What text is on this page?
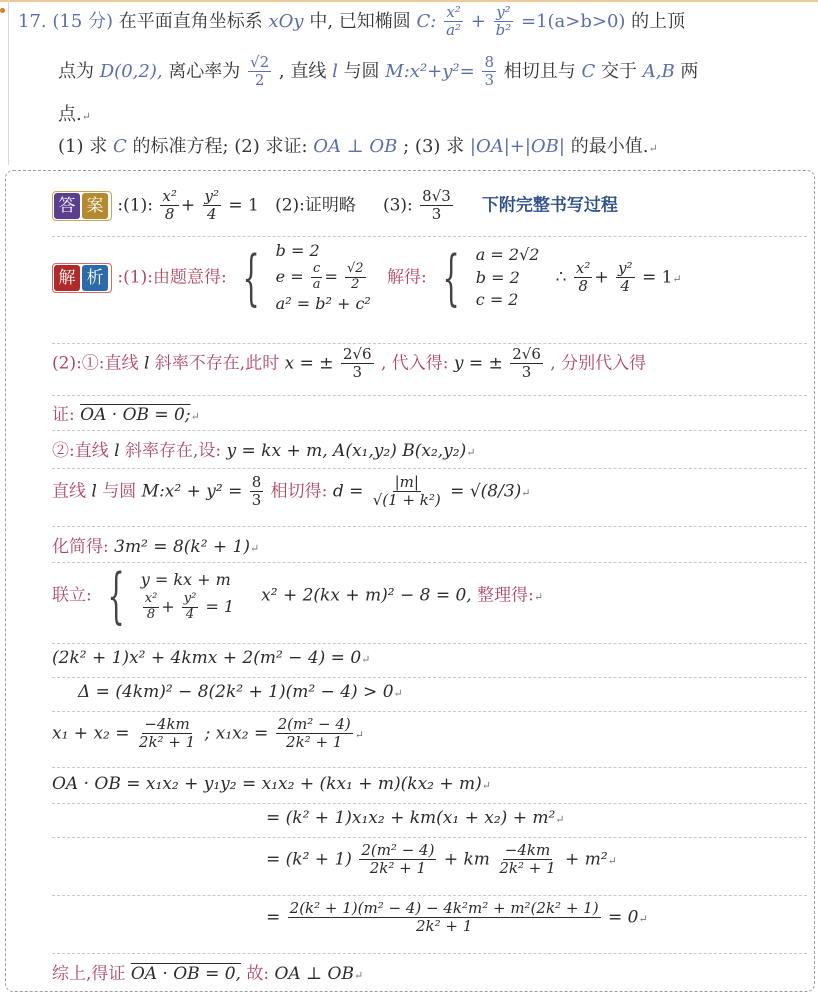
17. (15 分) 在平面直角坐标系 xOy 中, 已知椭圆 C: $\frac{\text{x²}}{\text{a²}} + \frac{\text{y²}}{\text{b²}} =1(a>b>0)$ 的上顶
点为 D(0,2), 离心率为 $\frac{√2}{2}$ , 直线 l 与圆 M:x²+y²= $\frac{8}{3}$ 相切且与 C 交于 A,B 两
点.↵
(1) 求 C 的标准方程; (2) 求证: OA ⊥ OB ; (3) 求 |OA|+|OB| 的最小值.↵
答 案 :(1): $\frac{\text{x²}}{8} + \frac{\text{y²}}{4} = 1$ (2):证明略 (3): $\frac{8√3}{3}$ 下附完整书写过程
解 析 :(1):由题意得: { b = 2
$e = \frac{c}{a} = \frac{√2}{2}$

a² = b² + c²   解得: { a = 2√2
b = 2
c = 2   ∴ $\frac{\text{x²}}{8} + \frac{\text{y²}}{4}$ = 1↵
(2):①:直线 l 斜率不存在,此时 x = ± $\frac{2√6}{3}$ , 代入得: y = ± $\frac{2√6}{3}$ , 分别代入得
证: OA · OB = 0;↵
②:直线 l 斜率存在,设: y = kx + m, A(x₁,y₂) B(x₂,y₂)↵
直线 l 与圆 M:x² + $y^2 = \frac{8}{3}$ 相切得: $d = \frac{|m|}{\text{√(1 + k²)}}$ = √(8/3)↵
化简得: 3m² = 8(k² + 1)↵
联立: { y = kx + m

$\frac{\text{x²}}{8} + \frac{\text{y²}}{4} = 1$     x² + 2(kx + m)² − 8 = 0, 整理得:↵
(2k² + 1)x² + 4kmx + 2(m² − 4) = 0↵
Δ = (4km)² − 8(2k² + 1)(m² − 4) > 0↵
$x_1 + x_2 = \frac{-4km}{\text{2k² + 1}}$ ; $x_1x_2 = \frac{\text{2(m² − 4)}}{\text{2k² + 1}}$ ↵
OA · OB = x₁x₂ + y₁y₂ = x₁x₂ + (kx₁ + m)(kx₂ + m)↵
= (k² + 1)x₁x₂ + km(x₁ + x₂) + m²↵
= $(k^2 + 1) \frac{\text{2(m² − 4)}}{\text{2k² + 1}}$ + km $\frac{-4km}{\text{2k² + 1}}$ + m²↵
= $\frac{\text{2(k² + 1)(m² − 4) − 4k²m² + m²(2k² + 1)}}{\text{2k² + 1}}$ = 0↵
综上,得证 OA · OB = 0, 故: OA ⊥ OB↵
